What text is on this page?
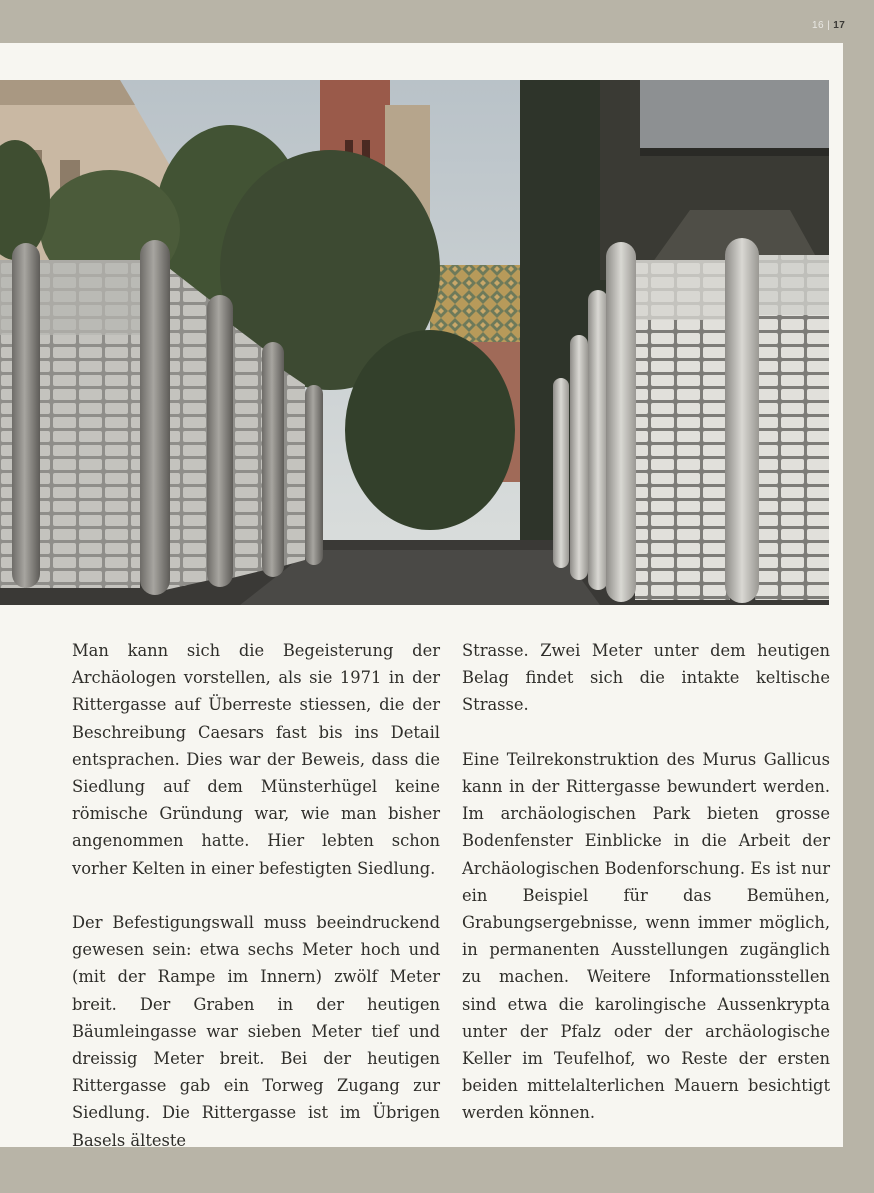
16 | 17

Man kann sich die Begeisterung der Archäologen vorstellen, als sie 1971 in der Rittergasse auf Überreste stiessen, die der Beschreibung Caesars fast bis ins Detail entsprachen. Dies war der Beweis, dass die Siedlung auf dem Münsterhügel keine römische Gründung war, wie man bisher angenommen hatte. Hier lebten schon vorher Kelten in einer befestigten Siedlung.

Der Befestigungswall muss beeindruckend gewesen sein: etwa sechs Meter hoch und (mit der Rampe im Innern) zwölf Meter breit. Der Graben in der heutigen Bäumleingasse war sieben Meter tief und dreissig Meter breit. Bei der heutigen Rittergasse gab ein Torweg Zugang zur Siedlung. Die Rittergasse ist im Übrigen Basels älteste

Strasse. Zwei Meter unter dem heutigen Belag findet sich die intakte keltische Strasse.

Eine Teilrekonstruktion des Murus Gallicus kann in der Rittergasse bewundert werden. Im archäologischen Park bieten grosse Bodenfenster Einblicke in die Arbeit der Archäologischen Bodenforschung. Es ist nur ein Beispiel für das Bemühen, Grabungsergebnisse, wenn immer möglich, in permanenten Ausstellungen zugänglich zu machen. Weitere Informationsstellen sind etwa die karolingische Aussenkrypta unter der Pfalz oder der archäologische Keller im Teufelhof, wo Reste der ersten beiden mittelalterlichen Mauern besichtigt werden können.
